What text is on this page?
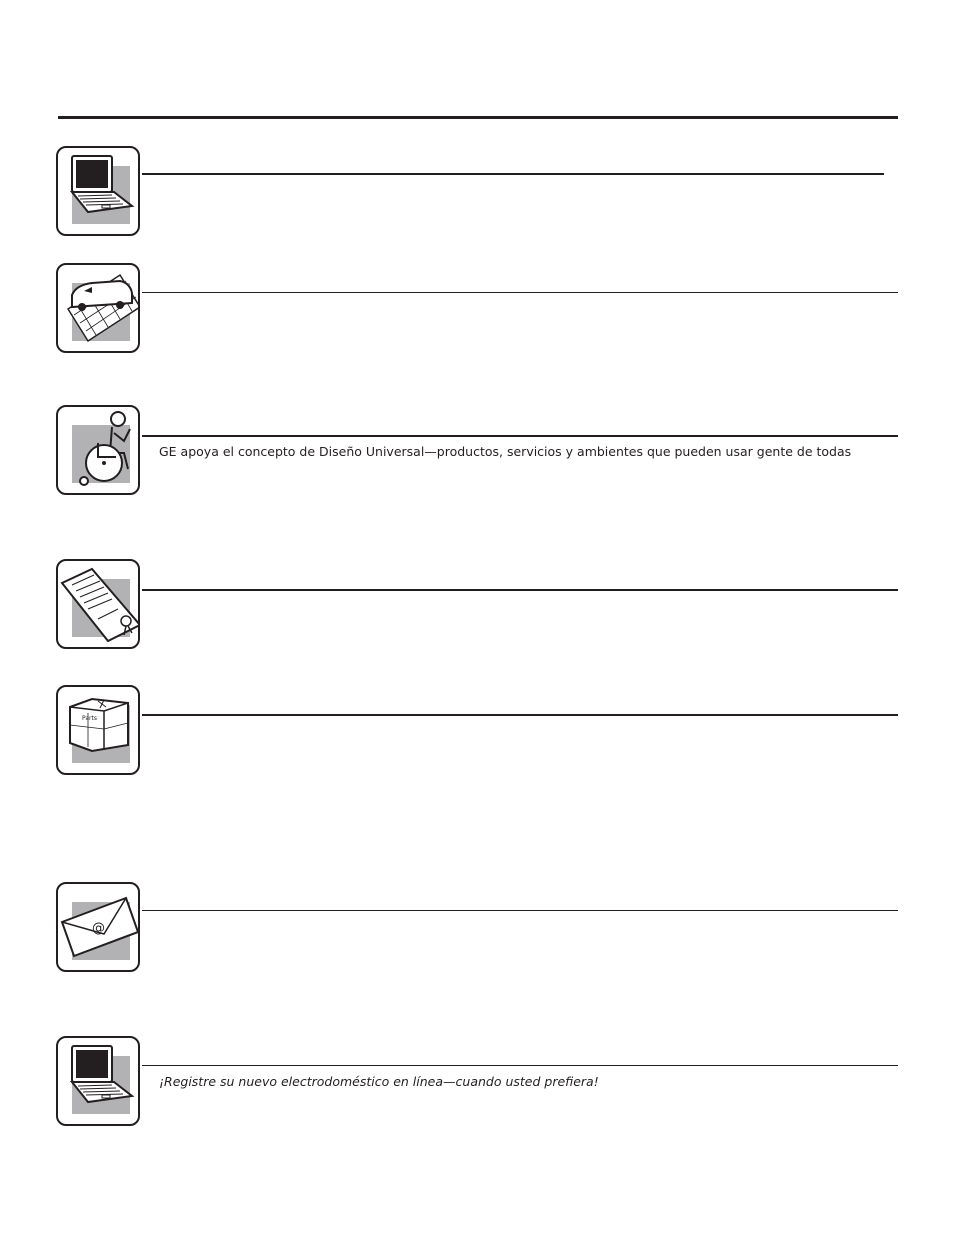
GE apoya el concepto de Diseño Universal—productos, servicios y ambientes que pueden usar gente de todas
Parts
@
¡Registre su nuevo electrodoméstico en línea—cuando usted prefiera!
